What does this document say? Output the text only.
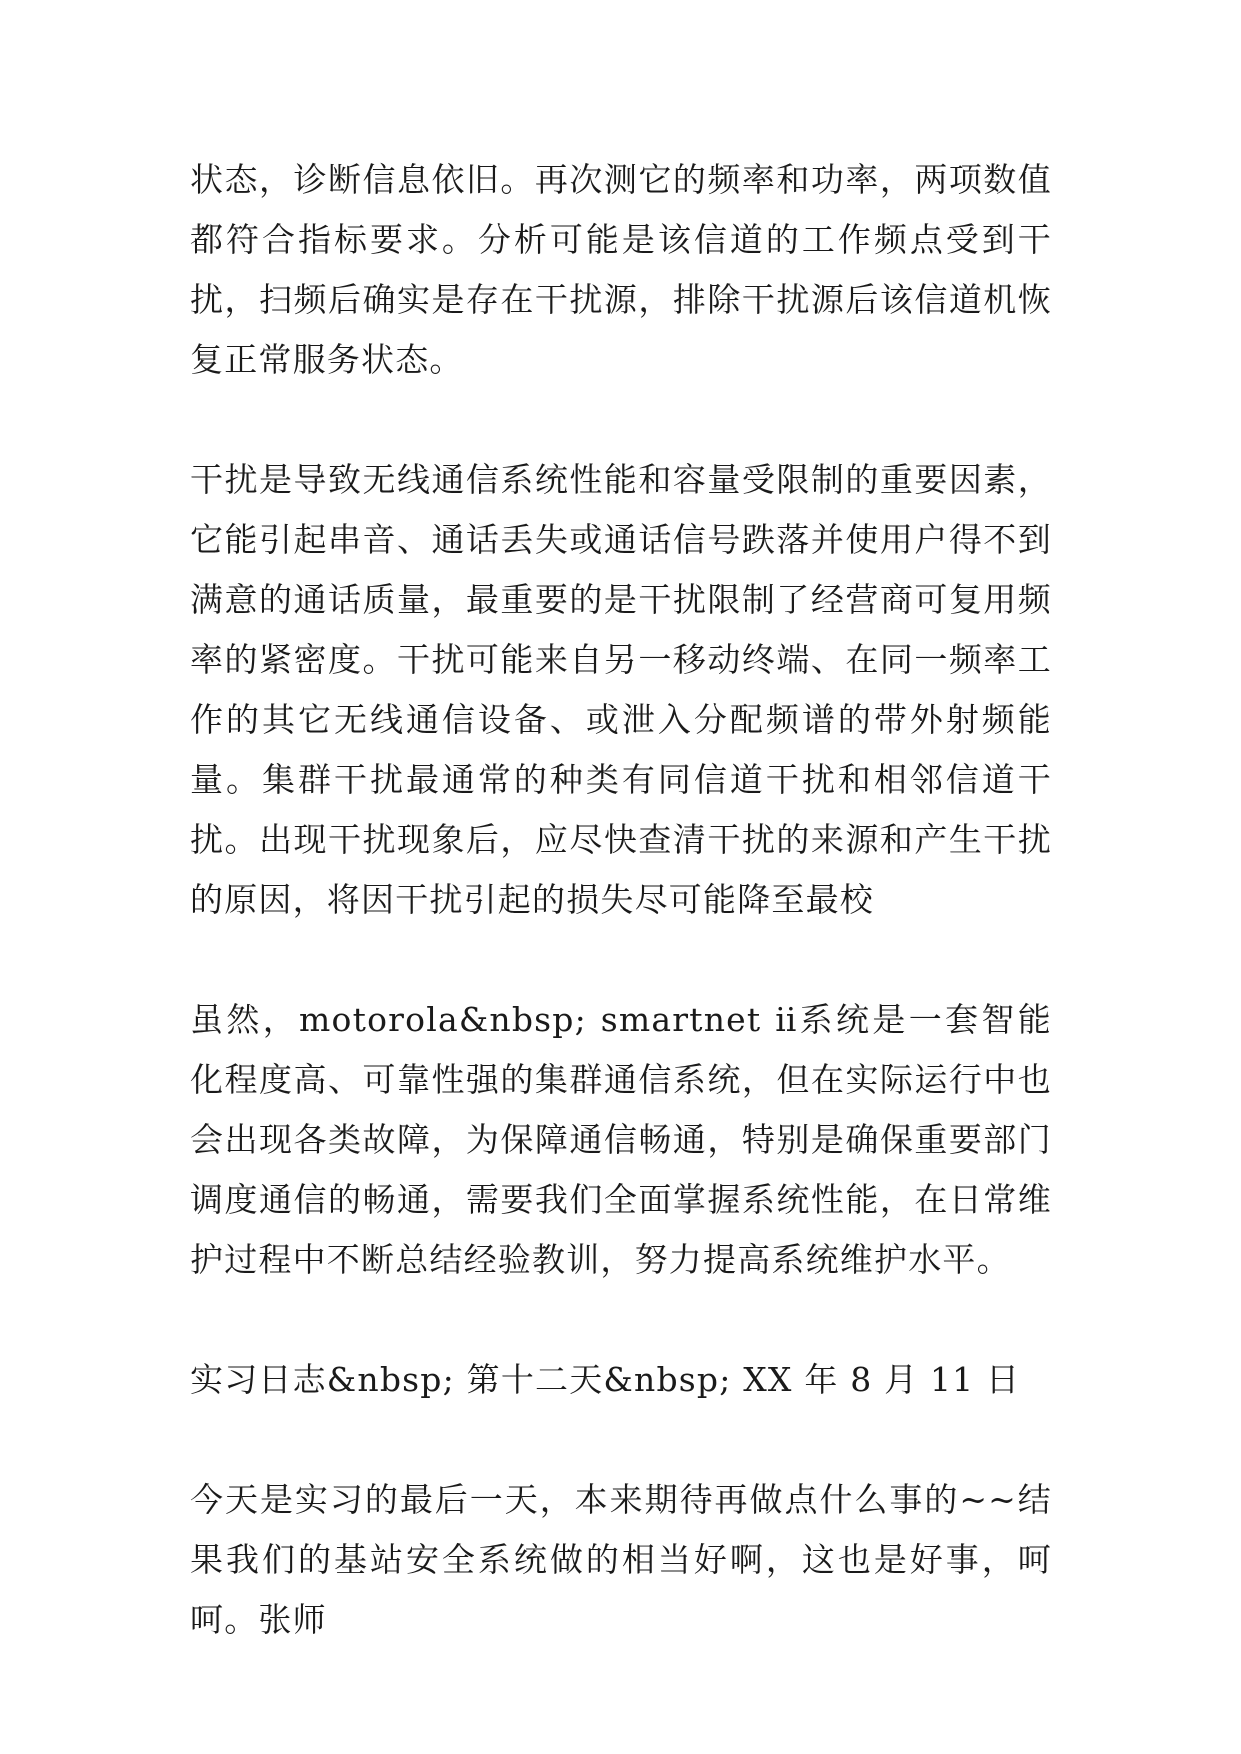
状态，诊断信息依旧。再次测它的频率和功率，两项数值都符合指标要求。分析可能是该信道的工作频点受到干扰，扫频后确实是存在干扰源，排除干扰源后该信道机恢复正常服务状态。

干扰是导致无线通信系统性能和容量受限制的重要因素，它能引起串音、通话丢失或通话信号跌落并使用户得不到满意的通话质量，最重要的是干扰限制了经营商可复用频率的紧密度。干扰可能来自另一移动终端、在同一频率工作的其它无线通信设备、或泄入分配频谱的带外射频能量。集群干扰最通常的种类有同信道干扰和相邻信道干扰。出现干扰现象后，应尽快查清干扰的来源和产生干扰的原因，将因干扰引起的损失尽可能降至最校

虽然，motorola&nbsp; smartnet ⅱ系统是一套智能化程度高、可靠性强的集群通信系统，但在实际运行中也会出现各类故障，为保障通信畅通，特别是确保重要部门调度通信的畅通，需要我们全面掌握系统性能，在日常维护过程中不断总结经验教训，努力提高系统维护水平。

实习日志&nbsp; 第十二天&nbsp; XX 年 8 月 11 日

今天是实习的最后一天，本来期待再做点什么事的~~结果我们的基站安全系统做的相当好啊，这也是好事，呵呵。张师
